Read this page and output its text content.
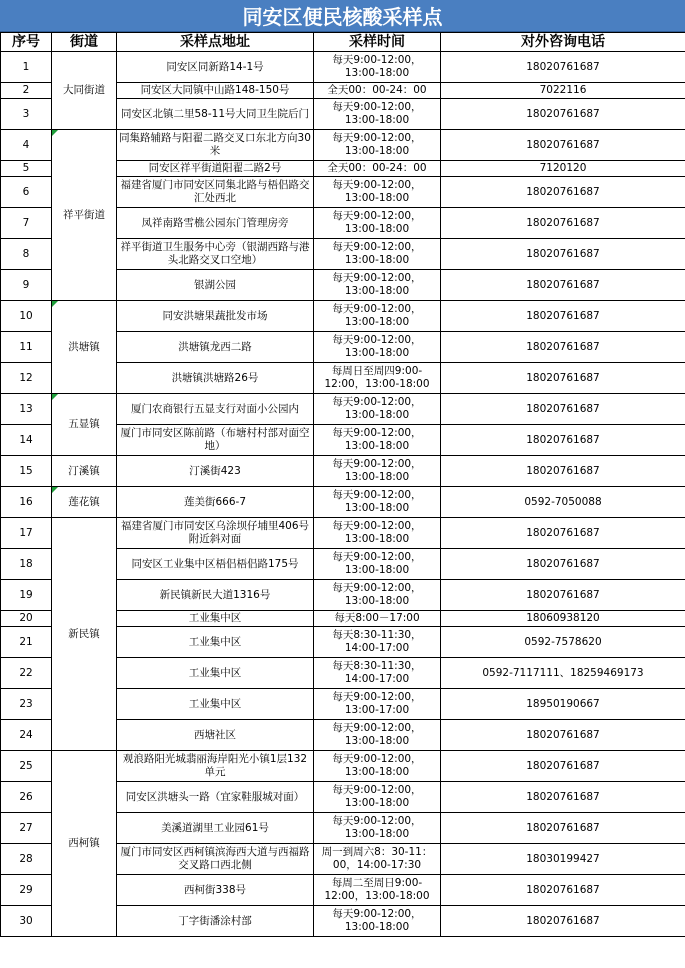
同安区便民核酸采样点
序号	街道	采样点地址	采样时间	对外咨询电话
1	大同街道	同安区同新路14-1号	每天9:00-12:00，13:00-18:00	18020761687
2		同安区大同镇中山路148-150号	全天00：00-24：00	7022116
3		同安区北镇二里58-11号大同卫生院后门	每天9:00-12:00，13:00-18:00	18020761687
4	祥平街道	同集路辅路与阳翟二路交叉口东北方向30米	每天9:00-12:00，13:00-18:00	18020761687
5		同安区祥平街道阳翟二路2号	全天00：00-24：00	7120120
6		福建省厦门市同安区同集北路与梧侣路交汇处西北	每天9:00-12:00，13:00-18:00	18020761687
7		凤祥南路雪樵公园东门管理房旁	每天9:00-12:00，13:00-18:00	18020761687
8		祥平街道卫生服务中心旁（银湖西路与港头北路交叉口空地）	每天9:00-12:00，13:00-18:00	18020761687
9		银湖公园	每天9:00-12:00，13:00-18:00	18020761687
10	洪塘镇	同安洪塘果蔬批发市场	每天9:00-12:00，13:00-18:00	18020761687
11		洪塘镇龙西二路	每天9:00-12:00，13:00-18:00	18020761687
12		洪塘镇洪塘路26号	每周日至周四9:00-12:00，13:00-18:00	18020761687
13	五显镇	厦门农商银行五显支行对面小公园内	每天9:00-12:00，13:00-18:00	18020761687
14		厦门市同安区陈前路（布塘村村部对面空地）	每天9:00-12:00，13:00-18:00	18020761687
15	汀溪镇	汀溪街423	每天9:00-12:00，13:00-18:00	18020761687
16	莲花镇	莲美街666-7	每天9:00-12:00，13:00-18:00	0592-7050088
17	新民镇	福建省厦门市同安区乌涂坝仔埔里406号附近斜对面	每天9:00-12:00，13:00-18:00	18020761687
18		同安区工业集中区梧侣梧侣路175号	每天9:00-12:00，13:00-18:00	18020761687
19		新民镇新民大道1316号	每天9:00-12:00，13:00-18:00	18020761687
20		工业集中区	每天8:00－17:00	18060938120
21		工业集中区	每天8:30-11:30，14:00-17:00	0592-7578620
22		工业集中区	每天8:30-11:30，14:00-17:00	0592-7117111、18259469173
23		工业集中区	每天9:00-12:00，13:00-17:00	18950190667
24		西塘社区	每天9:00-12:00，13:00-18:00	18020761687
25	西柯镇	观浪路阳光城翡丽海岸阳光小镇1层132单元	每天9:00-12:00，13:00-18:00	18020761687
26		同安区洪塘头一路（宜家鞋服城对面）	每天9:00-12:00，13:00-18:00	18020761687
27		美溪道湖里工业园61号	每天9:00-12:00，13:00-18:00	18020761687
28		厦门市同安区西柯镇滨海西大道与西福路交叉路口西北侧	周一到周六8：30-11：00，14:00-17:30	18030199427
29		西柯街338号	每周二至周日9:00-12:00，13:00-18:00	18020761687
30		丁字街潘涂村部	每天9:00-12:00，13:00-18:00	18020761687
